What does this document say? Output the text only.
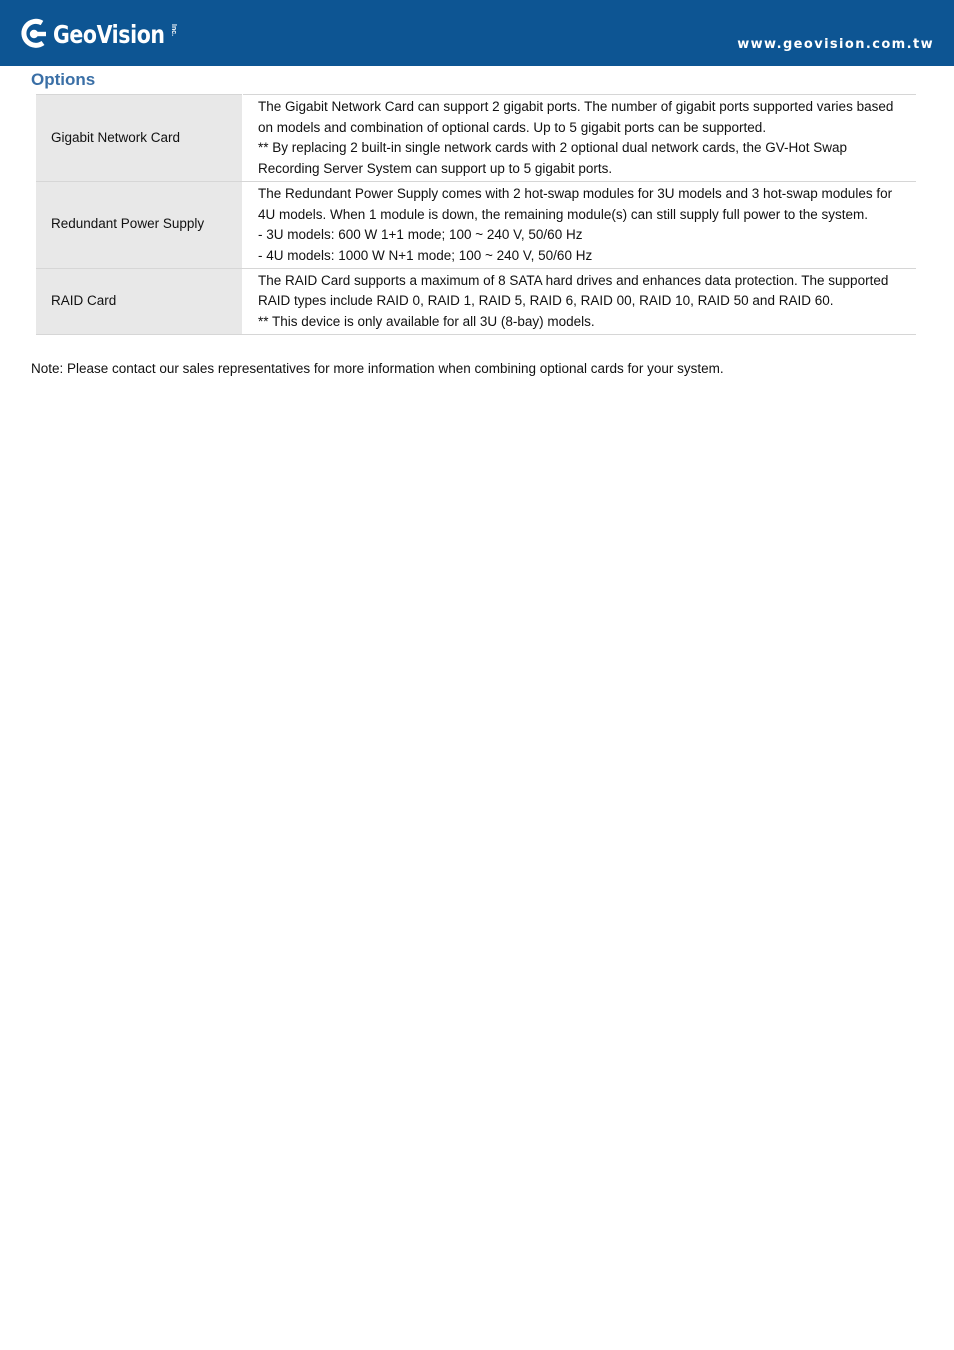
GeoVision Inc.
www.geovision.com.tw
Options
Gigabit Network Card	The Gigabit Network Card can support 2 gigabit ports. The number of gigabit ports supported varies based on models and combination of optional cards. Up to 5 gigabit ports can be supported.
** By replacing 2 built-in single network cards with 2 optional dual network cards, the GV-Hot Swap Recording Server System can support up to 5 gigabit ports.

Redundant Power Supply	The Redundant Power Supply comes with 2 hot-swap modules for 3U models and 3 hot-swap modules for 4U models. When 1 module is down, the remaining module(s) can still supply full power to the system.
- 3U models: 600 W 1+1 mode; 100 ~ 240 V, 50/60 Hz
- 4U models: 1000 W N+1 mode; 100 ~ 240 V, 50/60 Hz

RAID Card	The RAID Card supports a maximum of 8 SATA hard drives and enhances data protection. The supported RAID types include RAID 0, RAID 1, RAID 5, RAID 6, RAID 00, RAID 10, RAID 50 and RAID 60.
** This device is only available for all 3U (8-bay) models.
Note: Please contact our sales representatives for more information when combining optional cards for your system.
